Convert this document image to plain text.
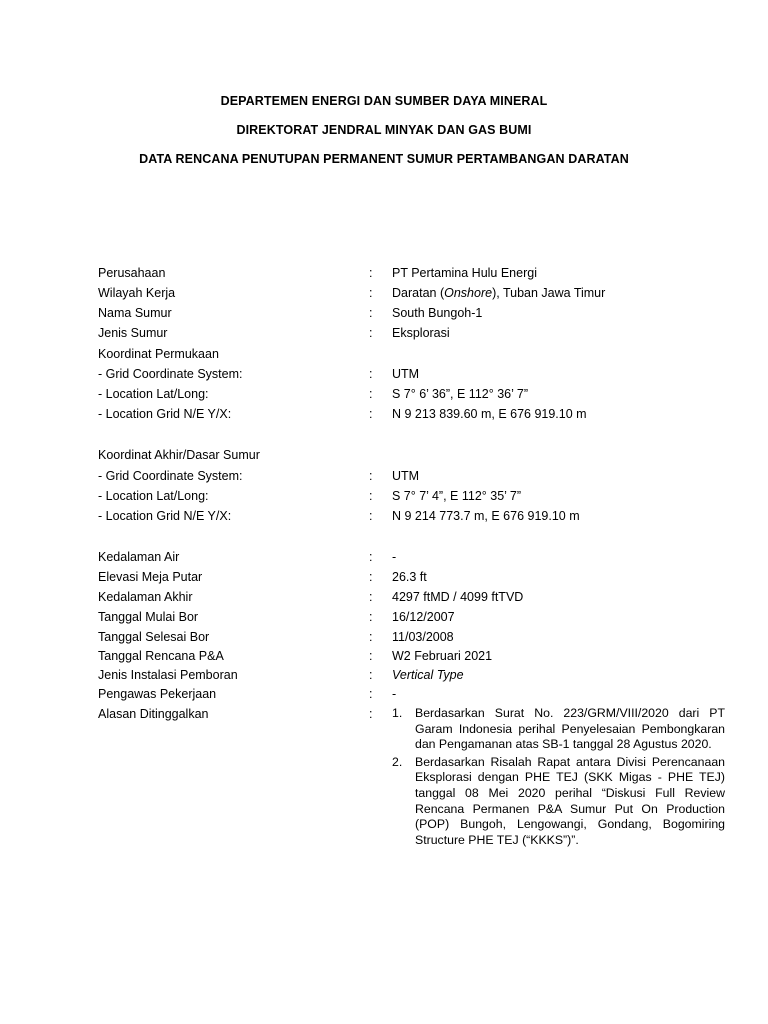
DEPARTEMEN ENERGI DAN SUMBER DAYA MINERAL
DIREKTORAT JENDRAL MINYAK DAN GAS BUMI
DATA RENCANA PENUTUPAN PERMANENT SUMUR PERTAMBANGAN DARATAN
Perusahaan	:	PT Pertamina Hulu Energi
Wilayah Kerja	:	Daratan (Onshore), Tuban Jawa Timur
Nama Sumur	:	South Bungoh-1
Jenis Sumur	:	Eksplorasi
Koordinat Permukaan
- Grid Coordinate System:	:	UTM
- Location Lat/Long:	:	S 7° 6’ 36”, E 112° 36’ 7”
- Location Grid N/E Y/X:	:	N 9 213 839.60 m, E 676 919.10 m
Koordinat Akhir/Dasar Sumur
- Grid Coordinate System:	:	UTM
- Location Lat/Long:	:	S 7° 7’ 4”, E 112° 35’ 7”
- Location Grid N/E Y/X:	:	N 9 214 773.7 m, E 676 919.10 m
Kedalaman Air	:	-
Elevasi Meja Putar	:	26.3 ft
Kedalaman Akhir	:	4297 ftMD / 4099 ftTVD
Tanggal Mulai Bor	:	16/12/2007
Tanggal Selesai Bor	:	11/03/2008
Tanggal Rencana P&A	:	W2 Februari 2021
Jenis Instalasi Pemboran	:	Vertical Type
Pengawas Pekerjaan	:	-
Alasan Ditinggalkan	:	1. Berdasarkan Surat No. 223/GRM/VIII/2020 dari PT Garam Indonesia perihal Penyelesaian Pembongkaran dan Pengamanan atas SB-1 tanggal 28 Agustus 2020.
2. Berdasarkan Risalah Rapat antara Divisi Perencanaan Eksplorasi dengan PHE TEJ (SKK Migas - PHE TEJ) tanggal 08 Mei 2020 perihal “Diskusi Full Review Rencana Permanen P&A Sumur Put On Production (POP) Bungoh, Lengowangi, Gondang, Bogomiring Structure PHE TEJ (“KKKS”)”.
